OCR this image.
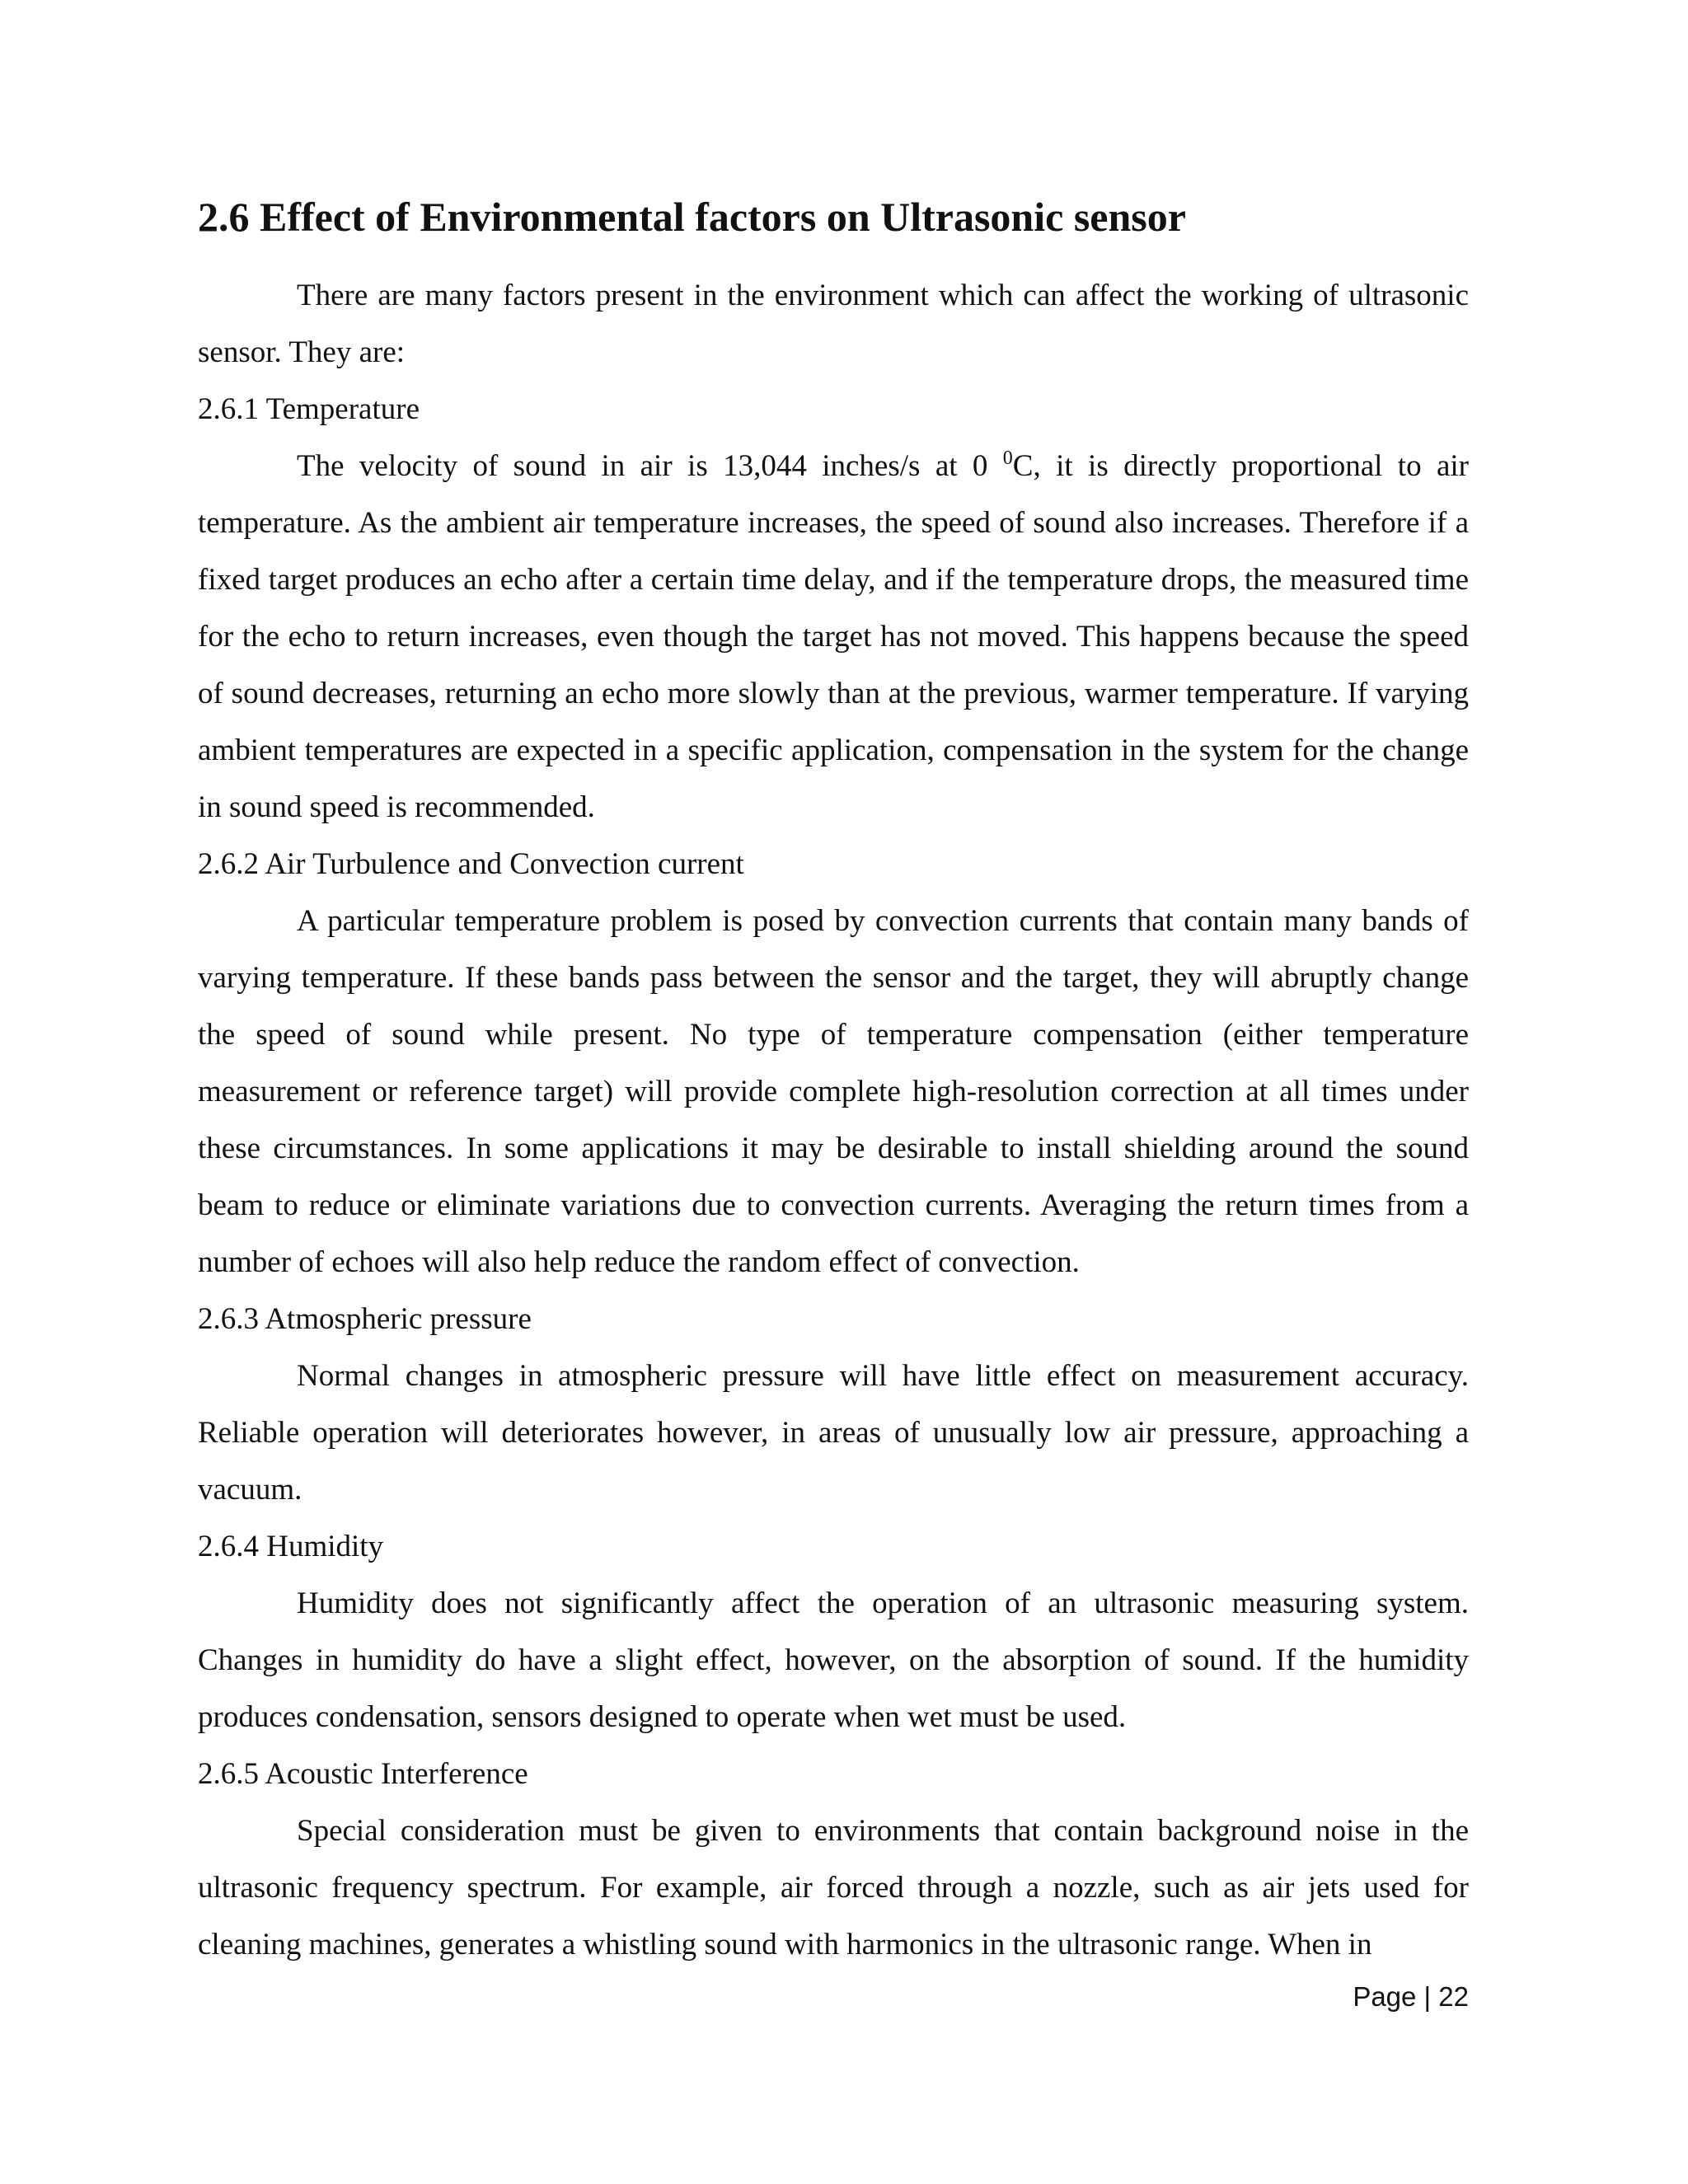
2.6 Effect of Environmental factors on Ultrasonic sensor

There are many factors present in the environment which can affect the working of ultrasonic sensor. They are:

2.6.1 Temperature

The velocity of sound in air is 13,044 inches/s at 0 $^0$C, it is directly proportional to air temperature. As the ambient air temperature increases, the speed of sound also increases. Therefore if a fixed target produces an echo after a certain time delay, and if the temperature drops, the measured time for the echo to return increases, even though the target has not moved. This happens because the speed of sound decreases, returning an echo more slowly than at the previous, warmer temperature. If varying ambient temperatures are expected in a specific application, compensation in the system for the change in sound speed is recommended.

2.6.2 Air Turbulence and Convection current

A particular temperature problem is posed by convection currents that contain many bands of varying temperature. If these bands pass between the sensor and the target, they will abruptly change the speed of sound while present. No type of temperature compensation (either temperature measurement or reference target) will provide complete high-resolution correction at all times under these circumstances. In some applications it may be desirable to install shielding around the sound beam to reduce or eliminate variations due to convection currents. Averaging the return times from a number of echoes will also help reduce the random effect of convection.

2.6.3 Atmospheric pressure

Normal changes in atmospheric pressure will have little effect on measurement accuracy. Reliable operation will deteriorates however, in areas of unusually low air pressure, approaching a vacuum.

2.6.4 Humidity

Humidity does not significantly affect the operation of an ultrasonic measuring system. Changes in humidity do have a slight effect, however, on the absorption of sound. If the humidity produces condensation, sensors designed to operate when wet must be used.

2.6.5 Acoustic Interference

Special consideration must be given to environments that contain background noise in the ultrasonic frequency spectrum. For example, air forced through a nozzle, such as air jets used for cleaning machines, generates a whistling sound with harmonics in the ultrasonic range. When in

Page | 22
